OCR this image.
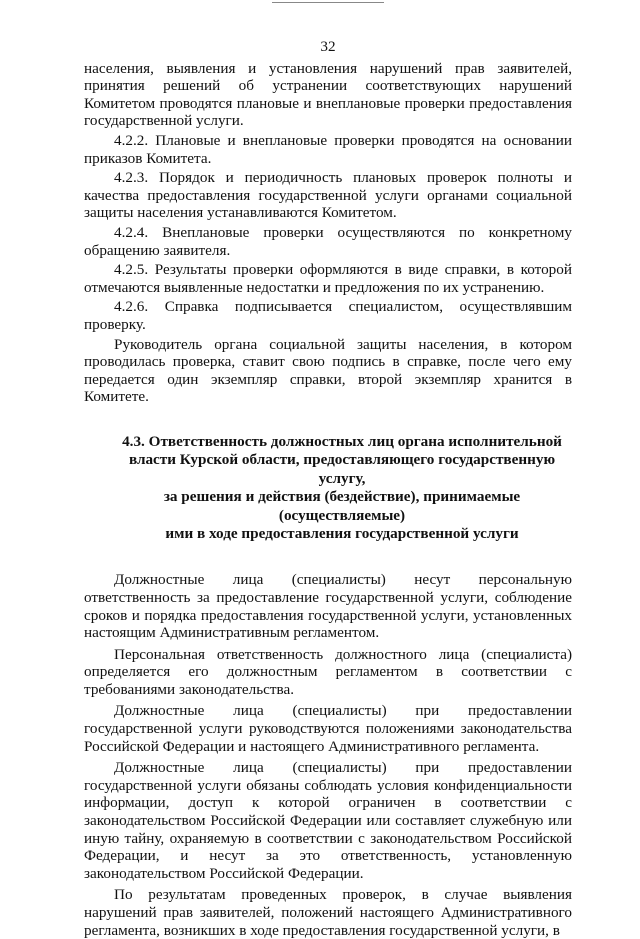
32

населения, выявления и установления нарушений прав заявителей, принятия решений об устранении соответствующих нарушений Комитетом проводятся плановые и внеплановые проверки предоставления государственной услуги.

4.2.2. Плановые и внеплановые проверки проводятся на основании приказов Комитета.

4.2.3. Порядок и периодичность плановых проверок полноты и качества предоставления государственной услуги органами социальной защиты населения устанавливаются Комитетом.

4.2.4. Внеплановые проверки осуществляются по конкретному обращению заявителя.

4.2.5. Результаты проверки оформляются в виде справки, в которой отмечаются выявленные недостатки и предложения по их устранению.

4.2.6. Справка подписывается специалистом, осуществлявшим проверку.

Руководитель органа социальной защиты населения, в котором проводилась проверка, ставит свою подпись в справке, после чего ему передается один экземпляр справки, второй экземпляр хранится в Комитете.

4.3. Ответственность должностных лиц органа исполнительной
власти Курской области, предоставляющего государственную услугу,
за решения и действия (бездействие), принимаемые (осуществляемые)
ими в ходе предоставления государственной услуги

Должностные лица (специалисты) несут персональную ответственность за предоставление государственной услуги, соблюдение сроков и порядка предоставления государственной услуги, установленных настоящим Административным регламентом.

Персональная ответственность должностного лица (специалиста) определяется его должностным регламентом в соответствии с требованиями законодательства.

Должностные лица (специалисты) при предоставлении государственной услуги руководствуются положениями законодательства Российской Федерации и настоящего Административного регламента.

Должностные лица (специалисты) при предоставлении государственной услуги обязаны соблюдать условия конфиденциальности информации, доступ к которой ограничен в соответствии с законодательством Российской Федерации или составляет служебную или иную тайну, охраняемую в соответствии с законодательством Российской Федерации, и несут за это ответственность, установленную законодательством Российской Федерации.

По результатам проведенных проверок, в случае выявления нарушений прав заявителей, положений настоящего Административного регламента, возникших в ходе предоставления государственной услуги, в
